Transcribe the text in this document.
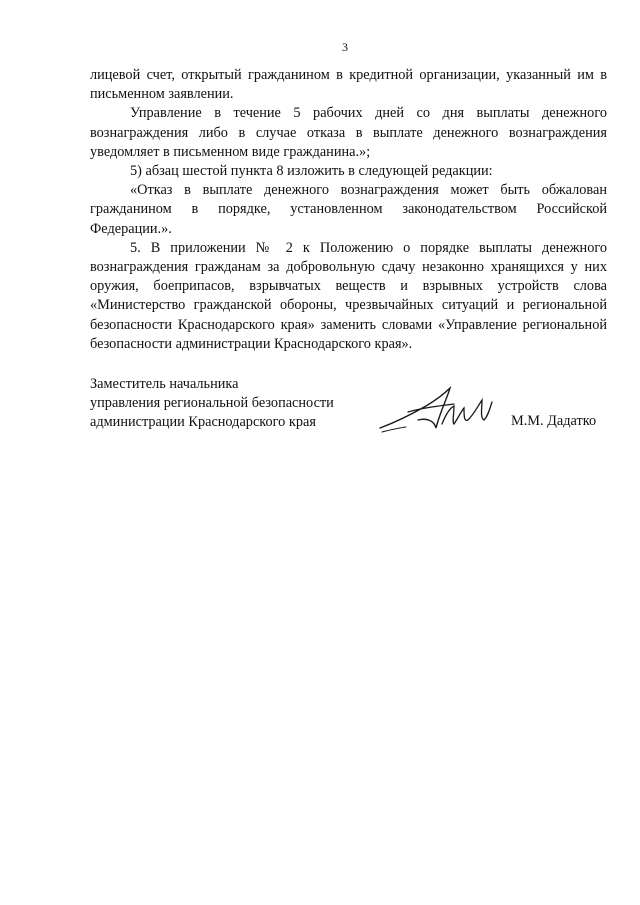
3

лицевой счет, открытый гражданином в кредитной организации, указанный им в письменном заявлении.

Управление в течение 5 рабочих дней со дня выплаты денежного вознаграждения либо в случае отказа в выплате денежного вознаграждения уведомляет в письменном виде гражданина.»;

5) абзац шестой пункта 8 изложить в следующей редакции:

«Отказ в выплате денежного вознаграждения может быть обжалован гражданином в порядке, установленном законодательством Российской Федерации.».

5. В приложении № 2 к Положению о порядке выплаты денежного вознаграждения гражданам за добровольную сдачу незаконно хранящихся у них оружия, боеприпасов, взрывчатых веществ и взрывных устройств слова «Министерство гражданской обороны, чрезвычайных ситуаций и региональной безопасности Краснодарского края» заменить словами «Управление региональной безопасности администрации Краснодарского края».

Заместитель начальника
управления региональной безопасности
администрации Краснодарского края	М.М. Дадатко
